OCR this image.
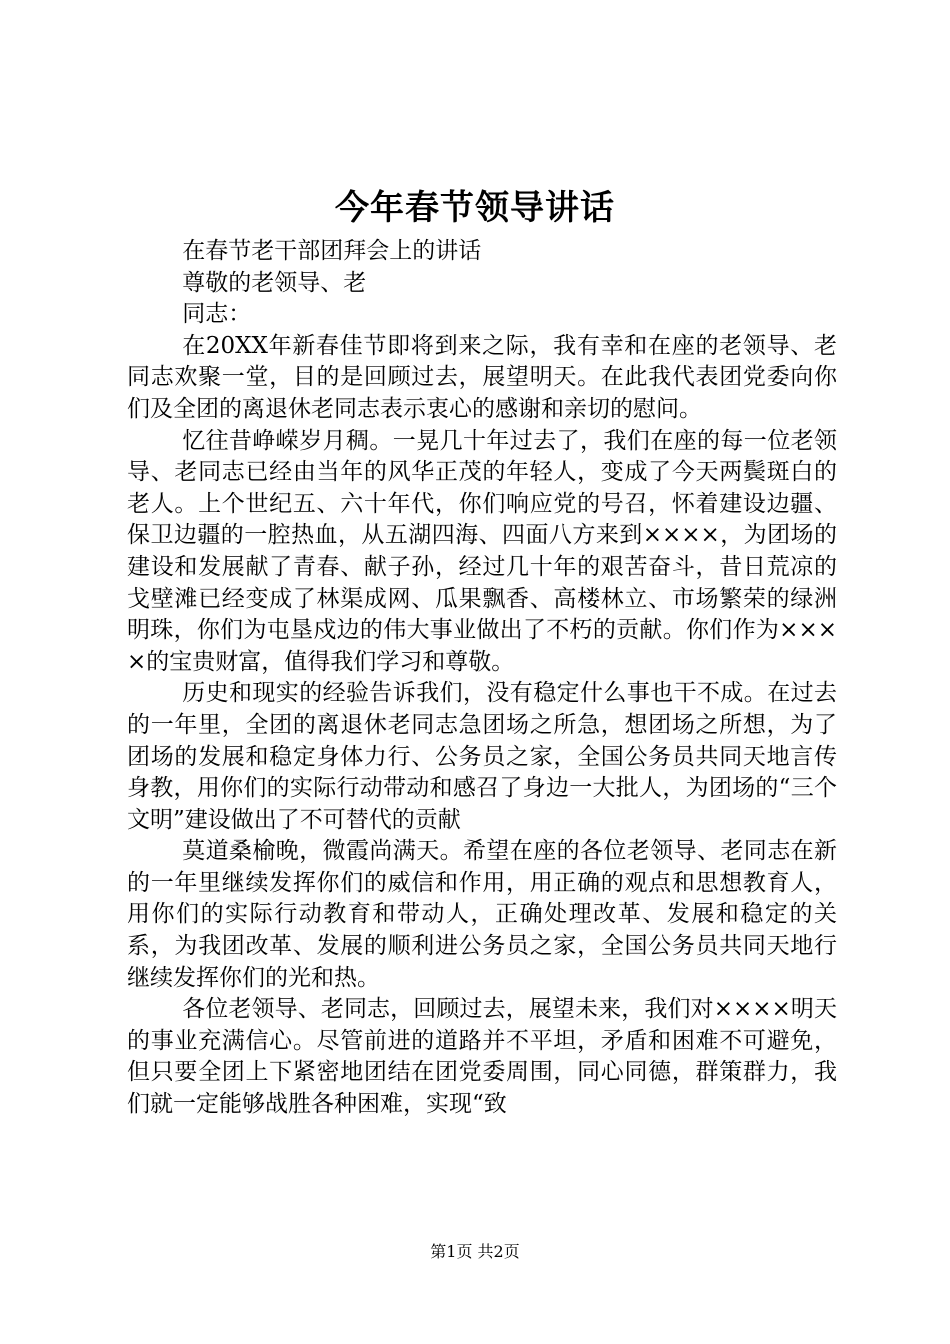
今年春节领导讲话

在春节老干部团拜会上的讲话

尊敬的老领导、老

同志：

在20XX年新春佳节即将到来之际，我有幸和在座的老领导、老同志欢聚一堂，目的是回顾过去，展望明天。在此我代表团党委向你们及全团的离退休老同志表示衷心的感谢和亲切的慰问。

忆往昔峥嵘岁月稠。一晃几十年过去了，我们在座的每一位老领导、老同志已经由当年的风华正茂的年轻人，变成了今天两鬓斑白的老人。上个世纪五、六十年代，你们响应党的号召，怀着建设边疆、保卫边疆的一腔热血，从五湖四海、四面八方来到××××，为团场的建设和发展献了青春、献子孙，经过几十年的艰苦奋斗，昔日荒凉的戈壁滩已经变成了林渠成网、瓜果飘香、高楼林立、市场繁荣的绿洲明珠，你们为屯垦戍边的伟大事业做出了不朽的贡献。你们作为××××的宝贵财富，值得我们学习和尊敬。

历史和现实的经验告诉我们，没有稳定什么事也干不成。在过去的一年里，全团的离退休老同志急团场之所急，想团场之所想，为了团场的发展和稳定身体力行、公务员之家，全国公务员共同天地言传身教，用你们的实际行动带动和感召了身边一大批人，为团场的“三个文明”建设做出了不可替代的贡献

莫道桑榆晚，微霞尚满天。希望在座的各位老领导、老同志在新的一年里继续发挥你们的威信和作用，用正确的观点和思想教育人，用你们的实际行动教育和带动人，正确处理改革、发展和稳定的关系，为我团改革、发展的顺利进公务员之家，全国公务员共同天地行继续发挥你们的光和热。

各位老领导、老同志，回顾过去，展望未来，我们对××××明天的事业充满信心。尽管前进的道路并不平坦，矛盾和困难不可避免，但只要全团上下紧密地团结在团党委周围，同心同德，群策群力，我们就一定能够战胜各种困难，实现“致

第1页 共2页
